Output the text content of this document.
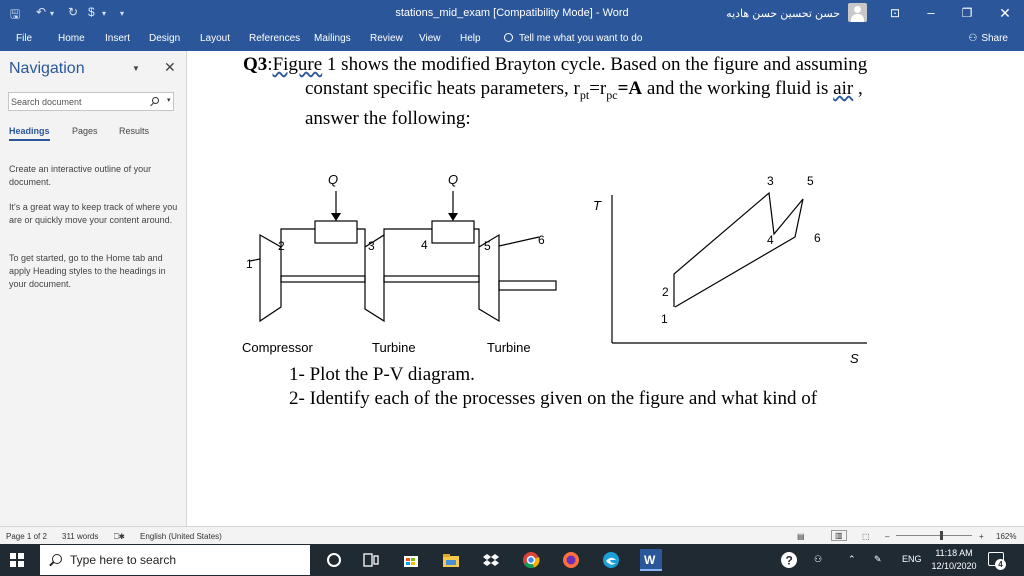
🖫 ↶ ▾ ↻ $ ▾ ▾	stations_mid_exam [Compatibility Mode] - Word	حسن تحسين حسن هاديه	⊡	–	❐	✕
File	Home Insert Design Layout References Mailings Review View Help	Tell me what you want to do	⚇ Share
Navigation	▼ ✕
Search document
▾
Headings Pages Results
Create an interactive outline of your document.
It's a great way to keep track of where you are or quickly move your content around.
To get started, go to the Home tab and apply Heading styles to the headings in your document.
Q3:Figure 1 shows the modified Brayton cycle. Based on the figure and assuming
constant specific heats parameters, $r_{pt}=r_{pc}=A$ and the working fluid is air ,
answer the following:
Q	Q
1
2	3	4	5	6
Compressor	Turbine	Turbine
T
S
1
2
3
4
5
6
1- Plot the P-V diagram.
2- Identify each of the processes given on the figure and what kind of
Page 1 of 2 311 words ⎕✱ English (United States)	▤	▥	⬚ –	+ 162%
Type here to search	W	? ⚇	⌃ ✎ ENG
11:18 AM
12/10/2020	4
